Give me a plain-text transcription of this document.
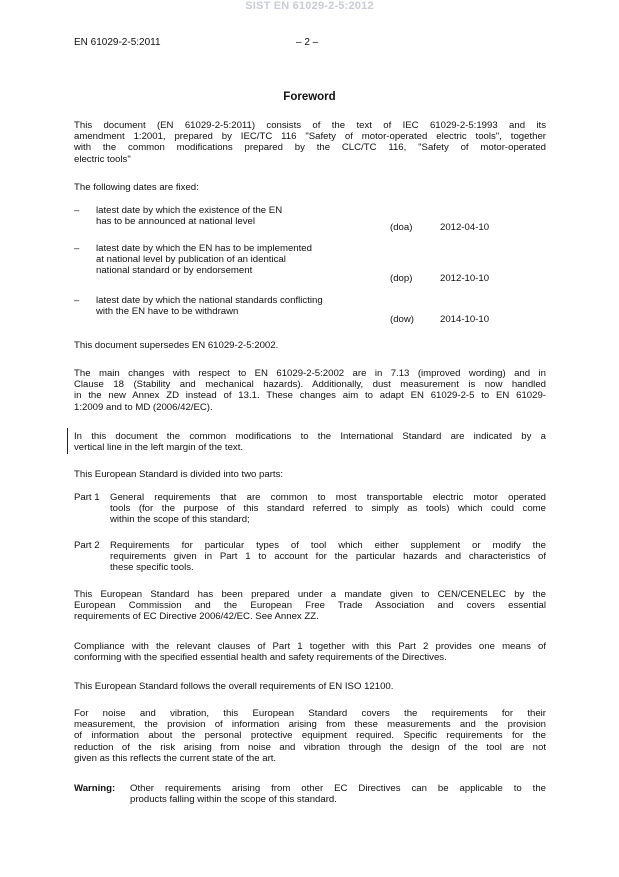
SIST EN 61029-2-5:2012
EN 61029-2-5:2011	– 2 –
Foreword
This document (EN 61029-2-5:2011) consists of the text of IEC 61029-2-5:1993 and its
amendment 1:2001, prepared by IEC/TC 116 "Safety of motor-operated electric tools", together
with the common modifications prepared by the CLC/TC 116, "Safety of motor-operated
electric tools"
The following dates are fixed:
–	latest date by which the existence of the EN
has to be announced at national level
(doa)	2012-04-10
–	latest date by which the EN has to be implemented
at national level by publication of an identical
national standard or by endorsement
(dop)	2012-10-10
–	latest date by which the national standards conflicting
with the EN have to be withdrawn
(dow)	2014-10-10
This document supersedes EN 61029-2-5:2002.
The main changes with respect to EN 61029-2-5:2002 are in 7.13 (improved wording) and in
Clause 18 (Stability and mechanical hazards). Additionally, dust measurement is now handled
in the new Annex ZD instead of 13.1. These changes aim to adapt EN 61029-2-5 to EN 61029-
1:2009 and to MD (2006/42/EC).
In this document the common modifications to the International Standard are indicated by a
vertical line in the left margin of the text.
This European Standard is divided into two parts:
Part 1	General requirements that are common to most transportable electric motor operated
tools (for the purpose of this standard referred to simply as tools) which could come
within the scope of this standard;
Part 2	Requirements for particular types of tool which either supplement or modify the
requirements given in Part 1 to account for the particular hazards and characteristics of
these specific tools.
This European Standard has been prepared under a mandate given to CEN/CENELEC by the
European Commission and the European Free Trade Association and covers essential
requirements of EC Directive 2006/42/EC. See Annex ZZ.
Compliance with the relevant clauses of Part 1 together with this Part 2 provides one means of
conforming with the specified essential health and safety requirements of the Directives.
This European Standard follows the overall requirements of EN ISO 12100.
For noise and vibration, this European Standard covers the requirements for their
measurement, the provision of information arising from these measurements and the provision
of information about the personal protective equipment required. Specific requirements for the
reduction of the risk arising from noise and vibration through the design of the tool are not
given as this reflects the current state of the art.
Warning: Other requirements arising from other EC Directives can be applicable to the
products falling within the scope of this standard.
